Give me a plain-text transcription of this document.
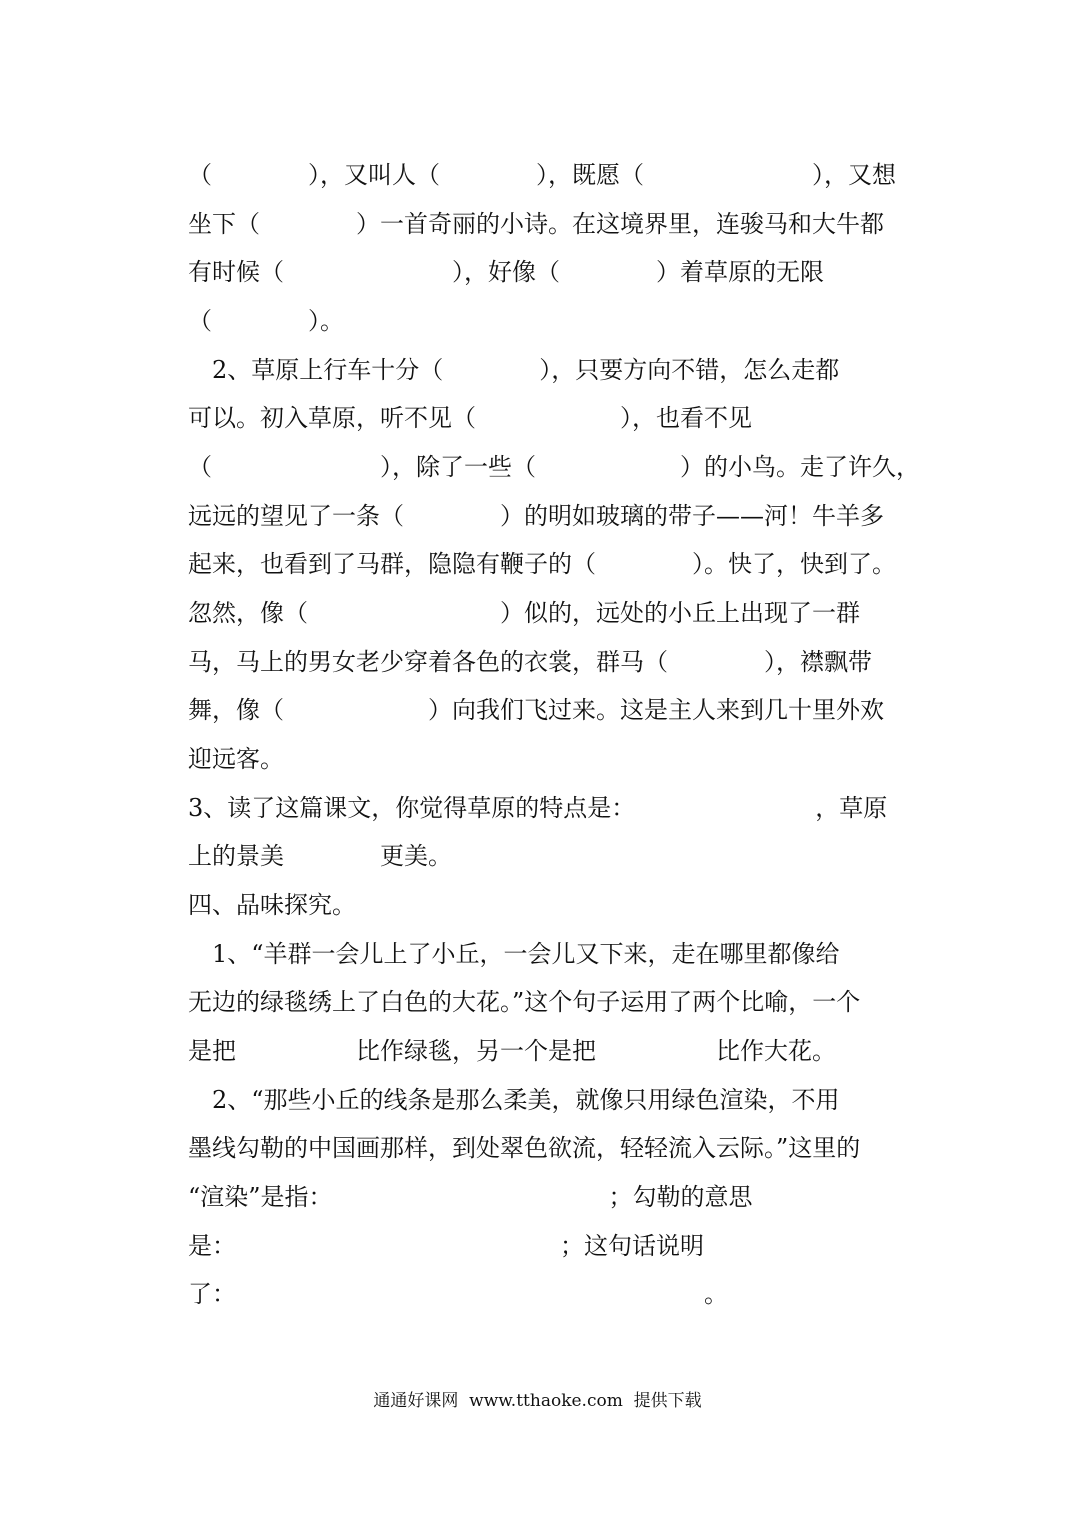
（　　　　），又叫人（　　　　），既愿（　　　　　　　），又想
坐下（　　　　）一首奇丽的小诗。在这境界里，连骏马和大牛都
有时候（　　　　　　　），好像（　　　　）着草原的无限
（　　　　）。
　2、草原上行车十分（　　　　），只要方向不错，怎么走都
可以。初入草原，听不见（　　　　　　），也看不见
（　　　　　　　），除了一些（　　　　　　）的小鸟。走了许久，
远远的望见了一条（　　　　）的明如玻璃的带子——河！牛羊多
起来，也看到了马群，隐隐有鞭子的（　　　　）。快了，快到了。
忽然，像（　　　　　　　　）似的，远处的小丘上出现了一群
马，马上的男女老少穿着各色的衣裳，群马（　　　　），襟飘带
舞，像（　　　　　　）向我们飞过来。这是主人来到几十里外欢
迎远客。
3、读了这篇课文，你觉得草原的特点是：　　　　　　　　，草原
上的景美　　　　更美。
四、品味探究。
　1、“羊群一会儿上了小丘，一会儿又下来，走在哪里都像给
无边的绿毯绣上了白色的大花。”这个句子运用了两个比喻，一个
是把　　　　　比作绿毯，另一个是把　　　　　比作大花。
　2、“那些小丘的线条是那么柔美，就像只用绿色渲染，不用
墨线勾勒的中国画那样，到处翠色欲流，轻轻流入云际。”这里的
“渲染”是指：　　　　　　　　　　　　；勾勒的意思
是：　　　　　　　　　　　　　　；这句话说明
了：　　　　　　　　　　　　　　　　　　　　。
通通好课网  www.tthaoke.com  提供下载
